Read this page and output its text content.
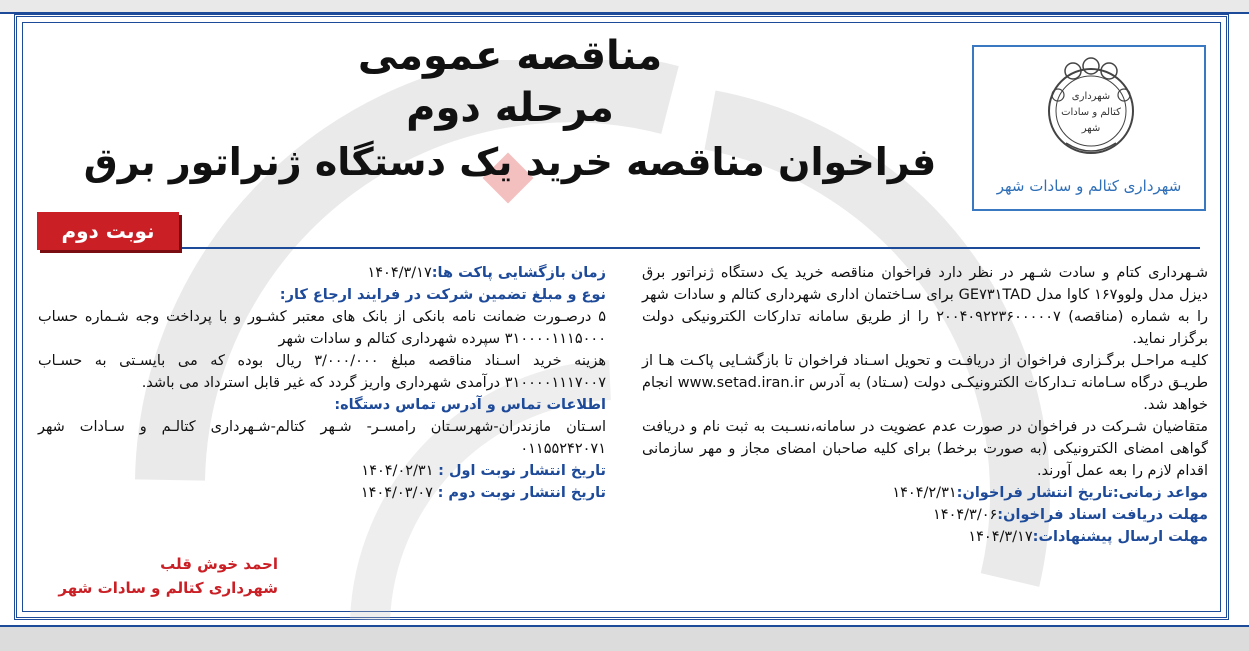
شهرداری
کتالم و سادات
شهر
شهرداری کتالم و سادات شهر

مناقصه عمومی

مرحله دوم

فراخوان مناقصه خرید یک دستگاه ژنراتور برق

نوبت دوم

شـهرداری کتام و سادت شـهر در نظر دارد فراخوان مناقصه خرید یک دستگاه ژنراتور برق دیزل مدل ولوو۱۶۷ کاوا مدل GE۷۳۱TAD برای سـاختمان اداری شهرداری کتالم و سادات شهر را به شماره (مناقصه) ۲۰۰۴۰۹۲۲۳۶۰۰۰۰۰۷ را از طریق سامانه تدارکات الکترونیکی دولت برگزار نماید.

کلیـه مراحـل برگـزاری فراخوان از دریافـت و تحویل اسـناد فراخوان تا بازگشـایی پاکـت هـا از طریـق درگاه سـامانه تـدارکات الکترونیکـی دولت (سـتاد) به آدرس www.setad.iran.ir انجام خواهد شد.

متقاضیان شـرکت در فراخوان در صورت عدم عضویت در سامانه،نسـبت به ثبت نام و دریافت گواهی امضای الکترونیکی (به صورت برخط) برای کلیه صاحبان امضای مجاز و مهر سازمانی اقدام لازم را بعه عمل آورند.

مواعد زمانی:تاریخ انتشار فراخوان:۱۴۰۴/۲/۳۱

مهلت دریافت اسناد فراخوان:۱۴۰۴/۳/۰۶

مهلت ارسال پیشنهادات:۱۴۰۴/۳/۱۷

زمان بازگشایی پاکت ها:۱۴۰۴/۳/۱۷

نوع و مبلغ تضمین شرکت در فرایند ارجاع کار:

۵ درصـورت ضمانت نامه بانکی از بانک های معتبر کشـور و با پرداخت وجه شـماره حساب ۳۱۰۰۰۰۱۱۱۵۰۰۰ سپرده شهرداری کتالم و سادات شهر

هزینه خرید اسـناد مناقصه مبلغ ۳/۰۰۰/۰۰۰ ریال بوده که می بایسـتی به حسـاب ۳۱۰۰۰۰۱۱۱۷۰۰۷ درآمدی شهرداری واریز گردد که غیر قابل استرداد می باشد.

اطلاعات تماس و آدرس تماس دستگاه:

اسـتان مازندران-شهرسـتان رامسـر- شـهر کتالم-شـهرداری کتالـم و سـادات شهر ۰۱۱۵۵۲۴۲۰۷۱

تاریخ انتشار نوبت اول : ۱۴۰۴/۰۲/۳۱

تاریخ انتشار نوبت دوم : ۱۴۰۴/۰۳/۰۷

احمد خوش قلب
شهرداری کتالم و سادات شهر
